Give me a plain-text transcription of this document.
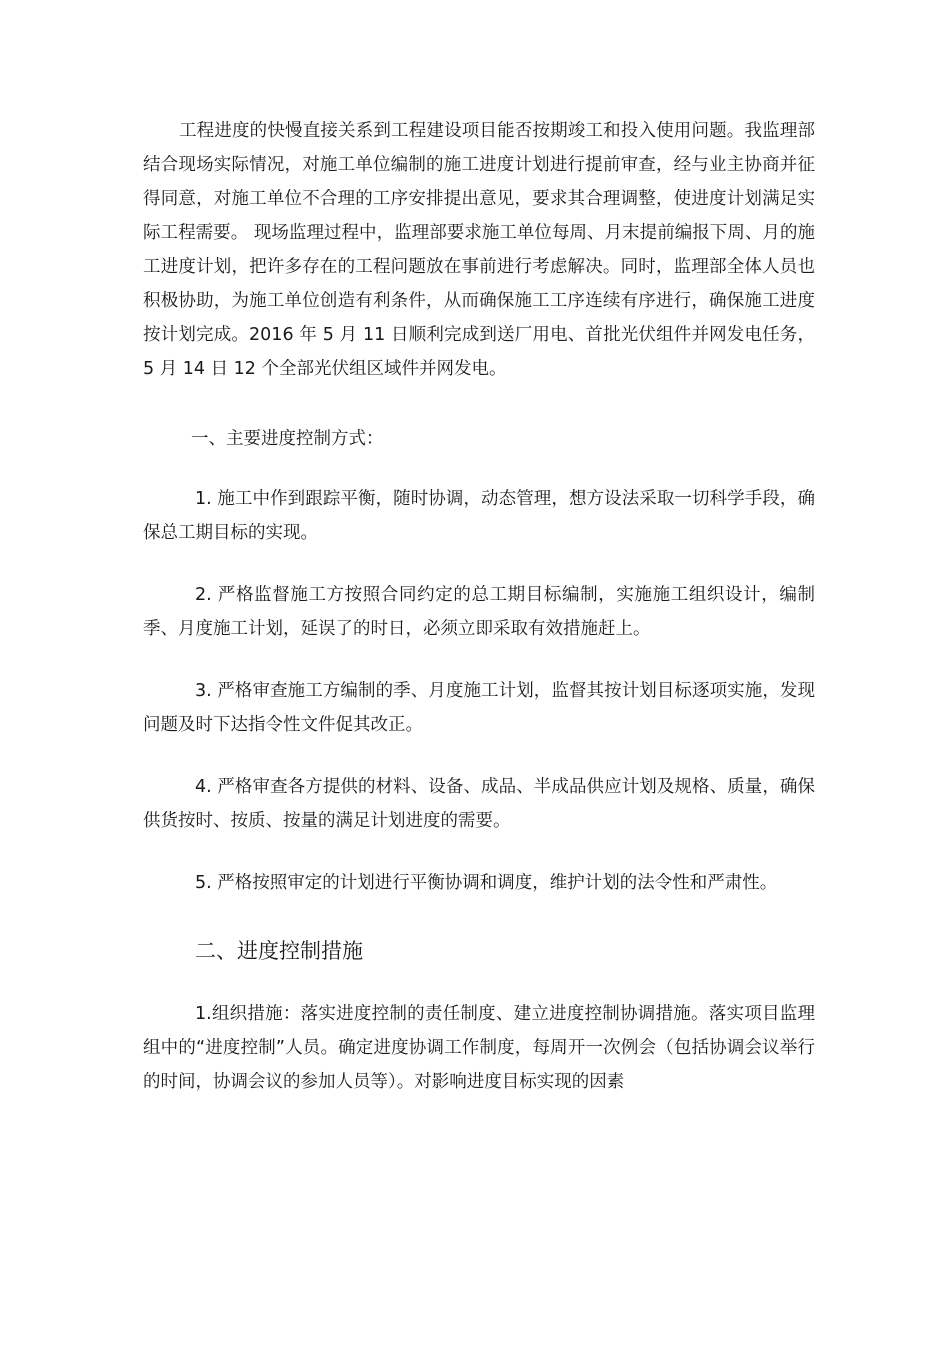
工程进度的快慢直接关系到工程建设项目能否按期竣工和投入使用问题。我监理部结合现场实际情况，对施工单位编制的施工进度计划进行提前审查，经与业主协商并征得同意，对施工单位不合理的工序安排提出意见，要求其合理调整，使进度计划满足实际工程需要。 现场监理过程中，监理部要求施工单位每周、月末提前编报下周、月的施工进度计划，把许多存在的工程问题放在事前进行考虑解决。同时，监理部全体人员也积极协助，为施工单位创造有利条件，从而确保施工工序连续有序进行，确保施工进度按计划完成。2016 年 5 月 11 日顺利完成到送厂用电、首批光伏组件并网发电任务，5 月 14 日 12 个全部光伏组区域件并网发电。

一、主要进度控制方式：

1. 施工中作到跟踪平衡，随时协调，动态管理，想方设法采取一切科学手段，确保总工期目标的实现。

2. 严格监督施工方按照合同约定的总工期目标编制，实施施工组织设计，编制季、月度施工计划，延误了的时日，必须立即采取有效措施赶上。

3. 严格审查施工方编制的季、月度施工计划，监督其按计划目标逐项实施，发现问题及时下达指令性文件促其改正。

4. 严格审查各方提供的材料、设备、成品、半成品供应计划及规格、质量，确保供货按时、按质、按量的满足计划进度的需要。

5. 严格按照审定的计划进行平衡协调和调度，维护计划的法令性和严肃性。

二、进度控制措施

1.组织措施：落实进度控制的责任制度、建立进度控制协调措施。落实项目监理组中的“进度控制”人员。确定进度协调工作制度，每周开一次例会（包括协调会议举行的时间，协调会议的参加人员等）。对影响进度目标实现的因素
